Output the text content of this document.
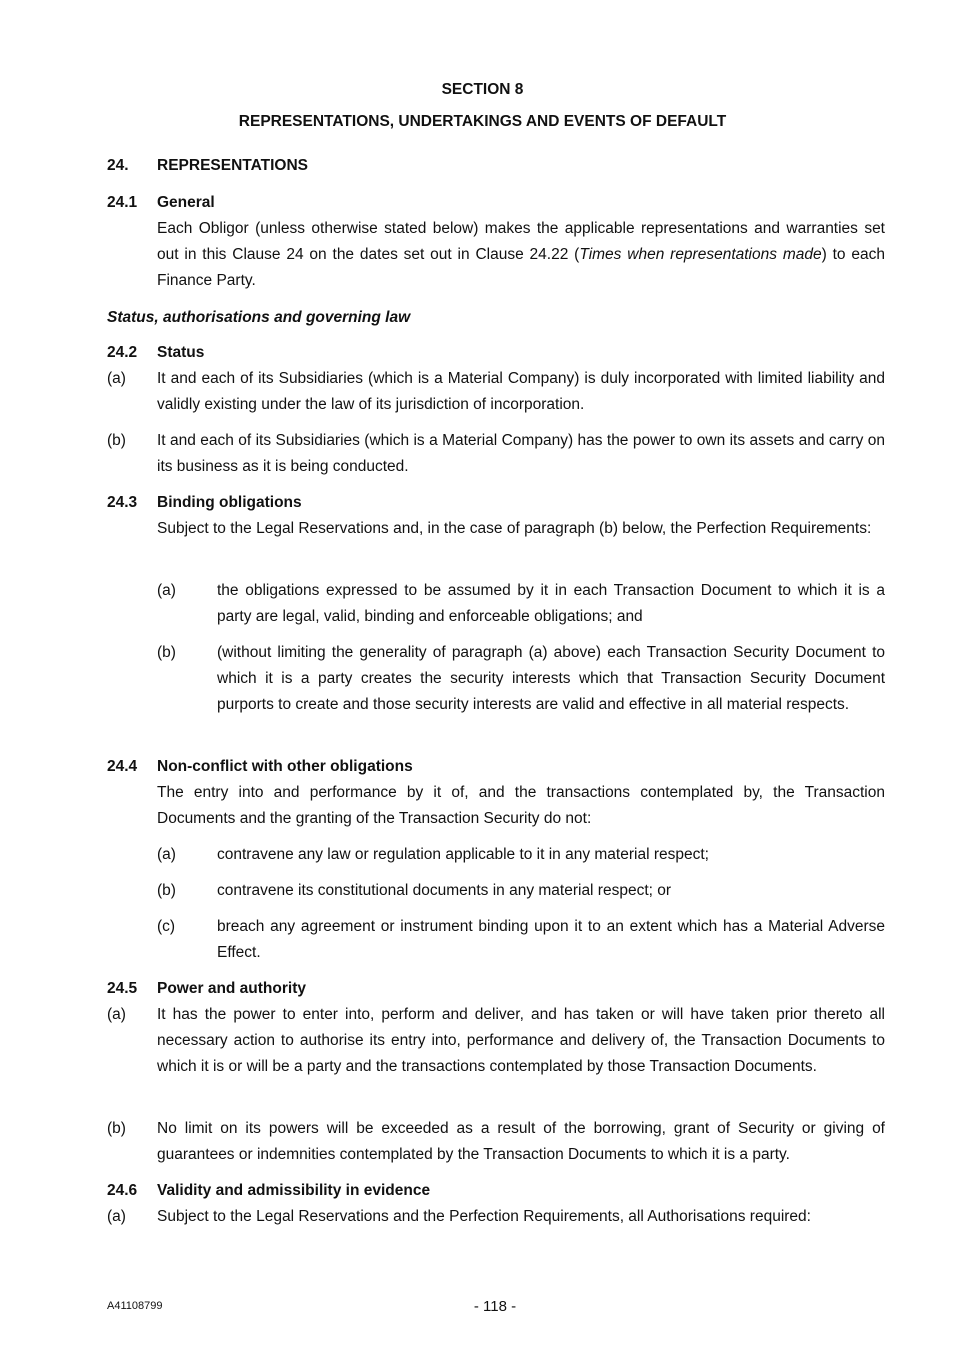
SECTION 8
REPRESENTATIONS, UNDERTAKINGS AND EVENTS OF DEFAULT
24. REPRESENTATIONS
24.1 General
Each Obligor (unless otherwise stated below) makes the applicable representations and warranties set out in this Clause 24 on the dates set out in Clause 24.22 (Times when representations made) to each Finance Party.
Status, authorisations and governing law
24.2 Status
(a) It and each of its Subsidiaries (which is a Material Company) is duly incorporated with limited liability and validly existing under the law of its jurisdiction of incorporation.
(b) It and each of its Subsidiaries (which is a Material Company) has the power to own its assets and carry on its business as it is being conducted.
24.3 Binding obligations
Subject to the Legal Reservations and, in the case of paragraph (b) below, the Perfection Requirements:
(a)	the obligations expressed to be assumed by it in each Transaction Document to which it is a party are legal, valid, binding and enforceable obligations; and
(b)	(without limiting the generality of paragraph (a) above) each Transaction Security Document to which it is a party creates the security interests which that Transaction Security Document purports to create and those security interests are valid and effective in all material respects.
24.4 Non-conflict with other obligations
The entry into and performance by it of, and the transactions contemplated by, the Transaction Documents and the granting of the Transaction Security do not:
(a)	contravene any law or regulation applicable to it in any material respect;
(b)	contravene its constitutional documents in any material respect; or
(c)	breach any agreement or instrument binding upon it to an extent which has a Material Adverse Effect.
24.5 Power and authority
(a) It has the power to enter into, perform and deliver, and has taken or will have taken prior thereto all necessary action to authorise its entry into, performance and delivery of, the Transaction Documents to which it is or will be a party and the transactions contemplated by those Transaction Documents.
(b) No limit on its powers will be exceeded as a result of the borrowing, grant of Security or giving of guarantees or indemnities contemplated by the Transaction Documents to which it is a party.
24.6 Validity and admissibility in evidence
(a) Subject to the Legal Reservations and the Perfection Requirements, all Authorisations required:
A41108799	- 118 -
